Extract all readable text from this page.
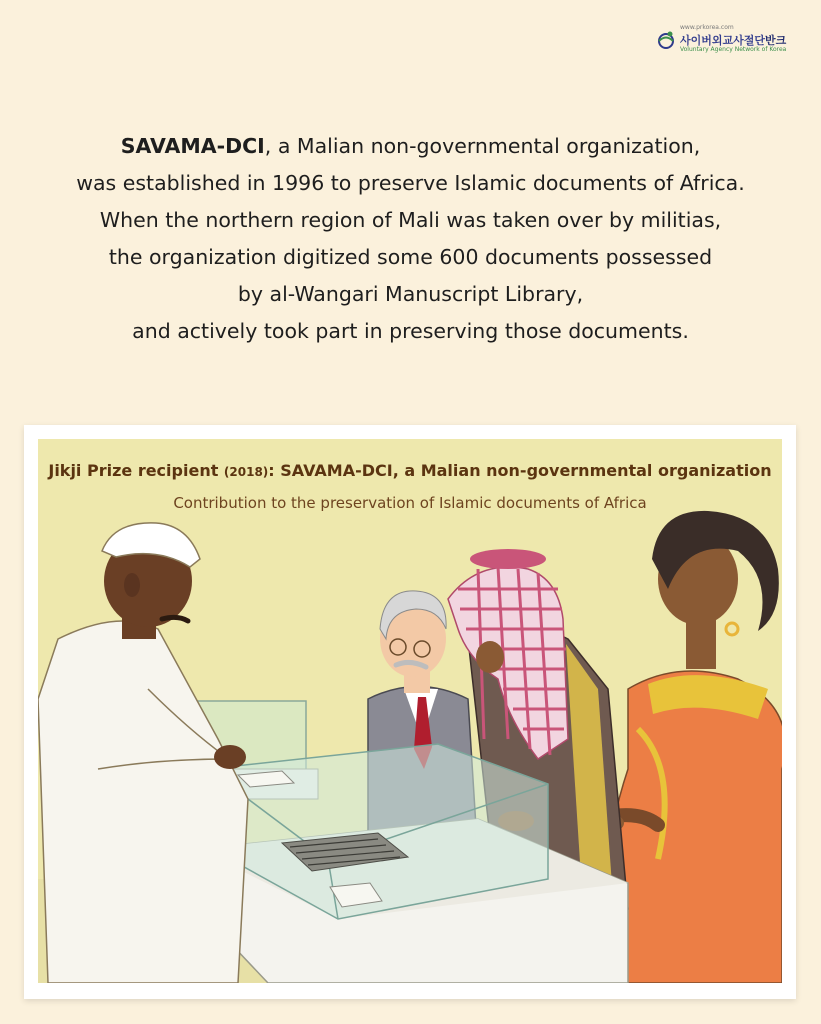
www.prkorea.com
사이버외교사절단반크
Voluntary Agency Network of Korea
SAVAMA-DCI, a Malian non-governmental organization,
was established in 1996 to preserve Islamic documents of Africa.
When the northern region of Mali was taken over by militias,
the organization digitized some 600 documents possessed
by al-Wangari Manuscript Library,
and actively took part in preserving those documents.
Jikji Prize recipient (2018): SAVAMA-DCI, a Malian non-governmental organization
Contribution to the preservation of Islamic documents of Africa
